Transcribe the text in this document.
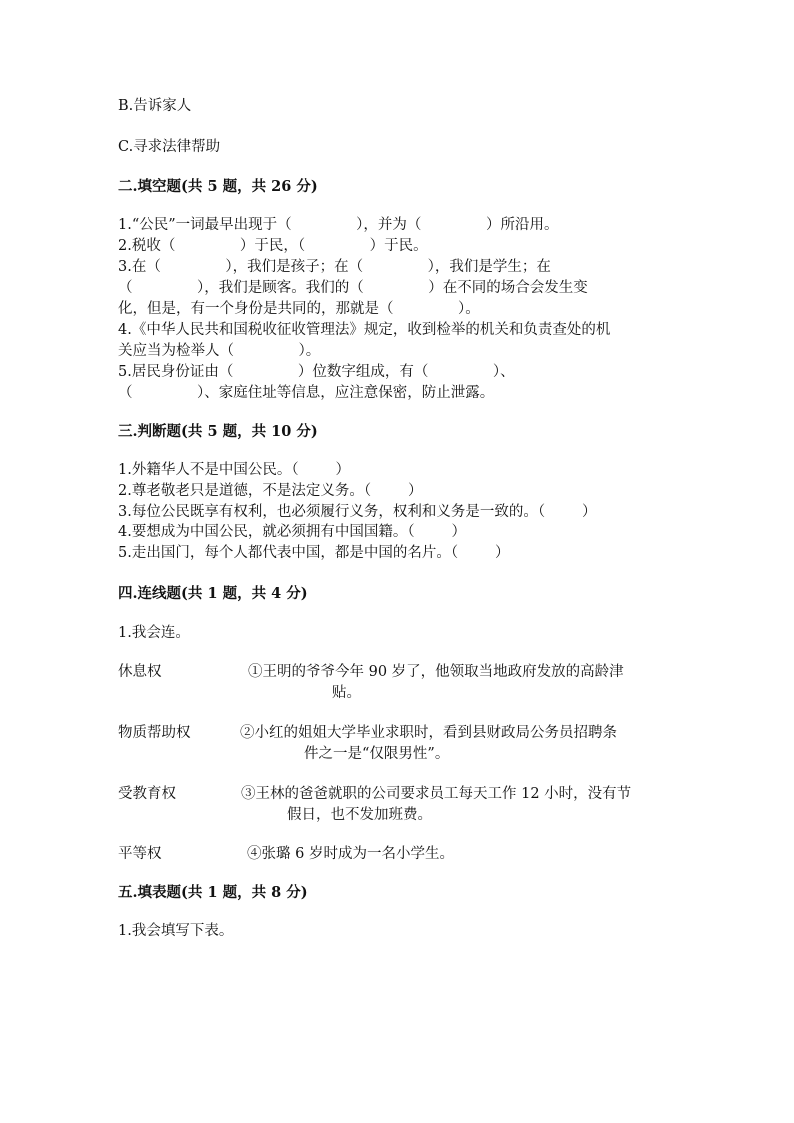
B.告诉家人
C.寻求法律帮助
二.填空题(共 5 题，共 26 分)
1.“公民”一词最早出现于（              ），并为（              ）所沿用。
2.税收（              ）于民，（              ）于民。
3.在（              ），我们是孩子；在（              ），我们是学生；在
（              ），我们是顾客。我们的（              ）在不同的场合会发生变
化，但是，有一个身份是共同的，那就是（              ）。
4.《中华人民共和国税收征收管理法》规定，收到检举的机关和负责查处的机
关应当为检举人（              ）。
5.居民身份证由（              ）位数字组成，有（              ）、
（              ）、家庭住址等信息，应注意保密，防止泄露。
三.判断题(共 5 题，共 10 分)
1.外籍华人不是中国公民。（        ）
2.尊老敬老只是道德，不是法定义务。（        ）
3.每位公民既享有权利，也必须履行义务，权利和义务是一致的。（        ）
4.要想成为中国公民，就必须拥有中国国籍。（        ）
5.走出国门，每个人都代表中国，都是中国的名片。（        ）
四.连线题(共 1 题，共 4 分)
1.我会连。
休息权	①王明的爷爷今年 90 岁了，他领取当地政府发放的高龄津
贴。
物质帮助权	②小红的姐姐大学毕业求职时，看到县财政局公务员招聘条
件之一是“仅限男性”。
受教育权	③王林的爸爸就职的公司要求员工每天工作 12 小时，没有节
假日，也不发加班费。
平等权	④张璐 6 岁时成为一名小学生。
五.填表题(共 1 题，共 8 分)
1.我会填写下表。
